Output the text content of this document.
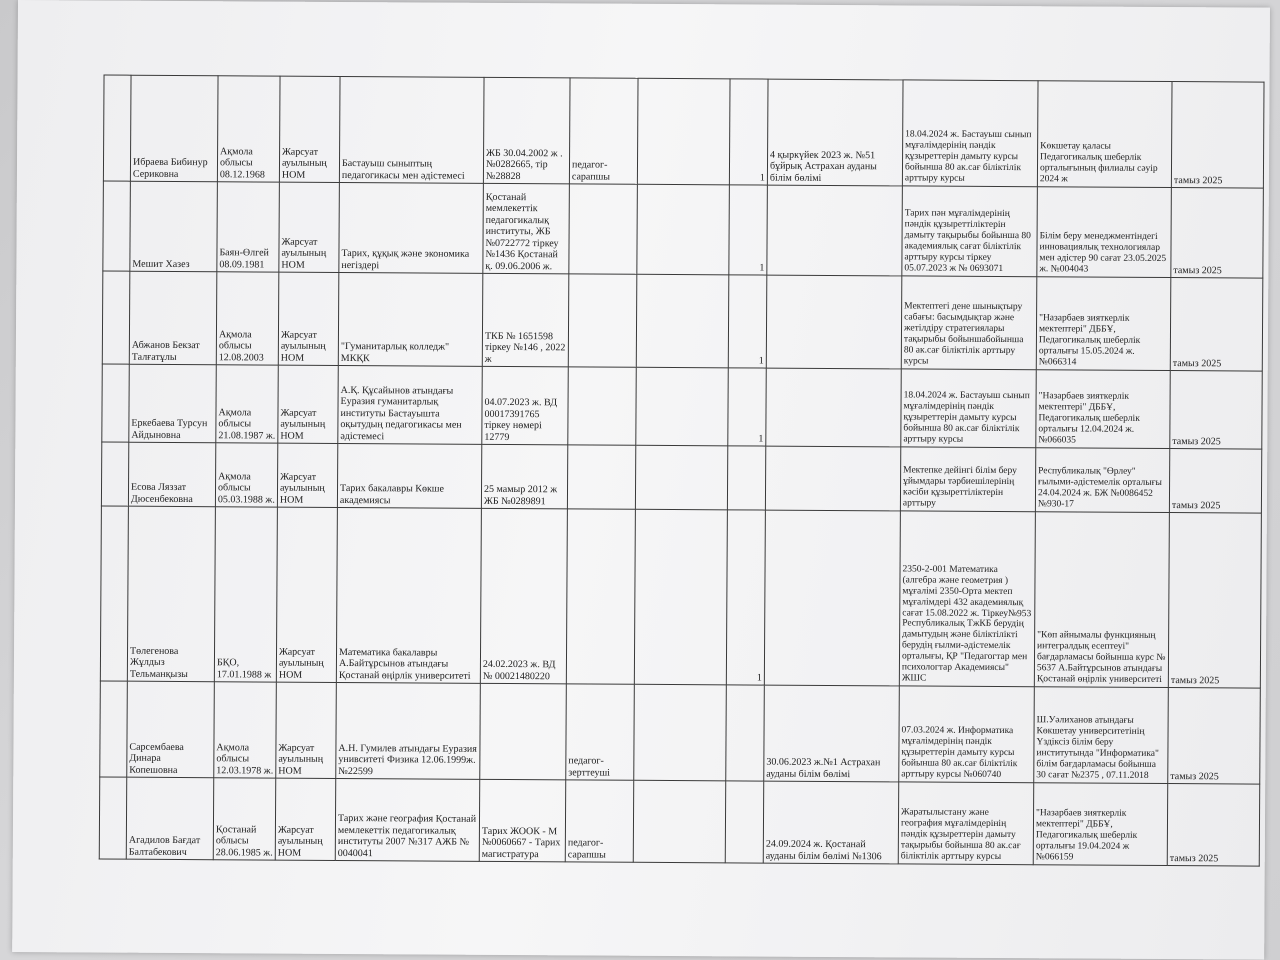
	Ибраева Бибинур Сериковна	Ақмола облысы 08.12.1968	Жарсуат ауылының НОМ	Бастауыш сыныптың педагогикасы мен әдістемесі	ЖБ 30.04.2002 ж . №0282665, тір №28828	педагог-сарапшы		1	4 қыркүйек 2023 ж. №51 бұйрық Астрахан ауданы білім бөлімі	18.04.2024 ж. Бастауыш сынып мұғалімдерінің пәндік құзыреттерін дамыту курсы бойынша 80 ак.сағ біліктілік арттыру курсы	Көкшетау қаласы Педагогикалық шеберлік орталығының филиалы сәуір 2024 ж	тамыз 2025
	Мешит Хазез	Баян-Өлгей 08.09.1981	Жарсуат ауылының НОМ	Тарих, құқық және экономика негіздері	Қостанай мемлекеттік педагогикалық институты, ЖБ №0722772 тіркеу №1436 Қостанай қ. 09.06.2006 ж.			1		Тарих пән мұғалімдерінің пәндік құзыреттіліктерін дамыту тақырыбы бойынша 80 академиялық сағат біліктілік арттыру курсы тіркеу 05.07.2023 ж № 0693071	Білім беру менеджментіндегі инновациялық технологиялар мен әдістер 90 сағат 23.05.2025 ж. №004043	тамыз 2025
	Абжанов Бекзат Талғатұлы	Ақмола облысы 12.08.2003	Жарсуат ауылының НОМ	"Гуманитарлық колледж" МКҚК	ТКБ № 1651598 тіркеу №146 , 2022 ж			1		Мектептегі дене шынықтыру сабағы: басымдықтар және жетілдіру стратегиялары тақырыбы бойыншабойынша 80 ак.сағ біліктілік арттыру курсы	"Назарбаев зияткерлік мектептері" ДББҰ, Педагогикалық шеберлік орталығы 15.05.2024 ж. №066314	тамыз 2025
	Еркебаева Турсун Айдыновна	Ақмола облысы 21.08.1987 ж.	Жарсуат ауылының НОМ	А.Қ. Құсайынов атындағы Еуразия гуманитарлық институты Бастауышта оқытудың педагогикасы мен әдістемесі	04.07.2023 ж. ВД 00017391765 тіркеу нөмері 12779			1		18.04.2024 ж. Бастауыш сынып мұғалімдерінің пәндік құзыреттерін дамыту курсы бойынша 80 ак.сағ біліктілік арттыру курсы	"Назарбаев зияткерлік мектептері" ДББҰ, Педагогикалық шеберлік орталығы 12.04.2024 ж. №066035	тамыз 2025
	Есова Ляззат Дюсенбековна	Ақмола облысы 05.03.1988 ж.	Жарсуат ауылының НОМ	Тарих бакалавры Көкше академиясы	25 мамыр 2012 ж ЖБ №0289891					Мектепке дейінгі білім беру ұйымдары тәрбиешілерінің кәсіби құзыреттіліктерін арттыру	Республикалық "Өрлеу" ғылыми-әдістемелік орталығы 24.04.2024 ж. БЖ №0086452 №930-17	тамыз 2025
	Төлегенова Жұлдыз Тельманқызы	БҚО, 17.01.1988 ж	Жарсуат ауылының НОМ	Математика бакалавры А.Байтұрсынов атындағы Қостанай өңірлік университеті	24.02.2023 ж. ВД № 00021480220			1		2350-2-001 Математика (алгебра және геометрия ) мұғалімі 2350-Орта мектеп мұғалімдері 432 академиялық сағат 15.08.2022 ж. Тіркеу№953 Республикалық ТжКБ берудің дамытудың және біліктілікті берудің ғылми-әдістемелік орталығы, ҚР "Педагогтар мен психологтар Академиясы" ЖШС	"Көп айнымалы функцияның интегралдық есептеуі" бағдарламасы бойынша курс № 5637 А.Байтұрсынов атындағы Қостанай өңірлік университеті	тамыз 2025
	Сарсембаева Динара Копешовна	Ақмола облысы 12.03.1978 ж.	Жарсуат ауылының НОМ	А.Н. Гумилев атындағы Еуразия унивситеті Физика 12.06.1999ж. №22599		педагог-зерттеуші			30.06.2023 ж.№1 Астрахан ауданы білім бөлімі	07.03.2024 ж. Информатика мұғалімдерінің пәндік құзыреттерін дамыту курсы бойынша 80 ак.сағ біліктілік арттыру курсы №060740	Ш.Уәлиханов атындағы Көкшетау университетінің Үздіксіз білім беру институтында "Информатика" білім бағдарламасы бойынша 30 сағат №2375 , 07.11.2018	тамыз 2025
	Агадилов Бағдат Балтабекович	Қостанай облысы 28.06.1985 ж.	Жарсуат ауылының НОМ	Тарих және география Қостанай мемлекеттік педагогикалық институты 2007 №317 АЖБ № 0040041	Тарих ЖООК - М №0060667 - Тарих магистратура	педагог-сарапшы			24.09.2024 ж. Қостанай ауданы білім бөлімі №1306	Жаратылыстану және география мұғалімдерінің пәндік құзыреттерін дамыту тақырыбы бойынша 80 ак.сағ біліктілік арттыру курсы	"Назарбаев зияткерлік мектептері" ДББҰ, Педагогикалық шеберлік орталығы 19.04.2024 ж №066159	тамыз 2025
